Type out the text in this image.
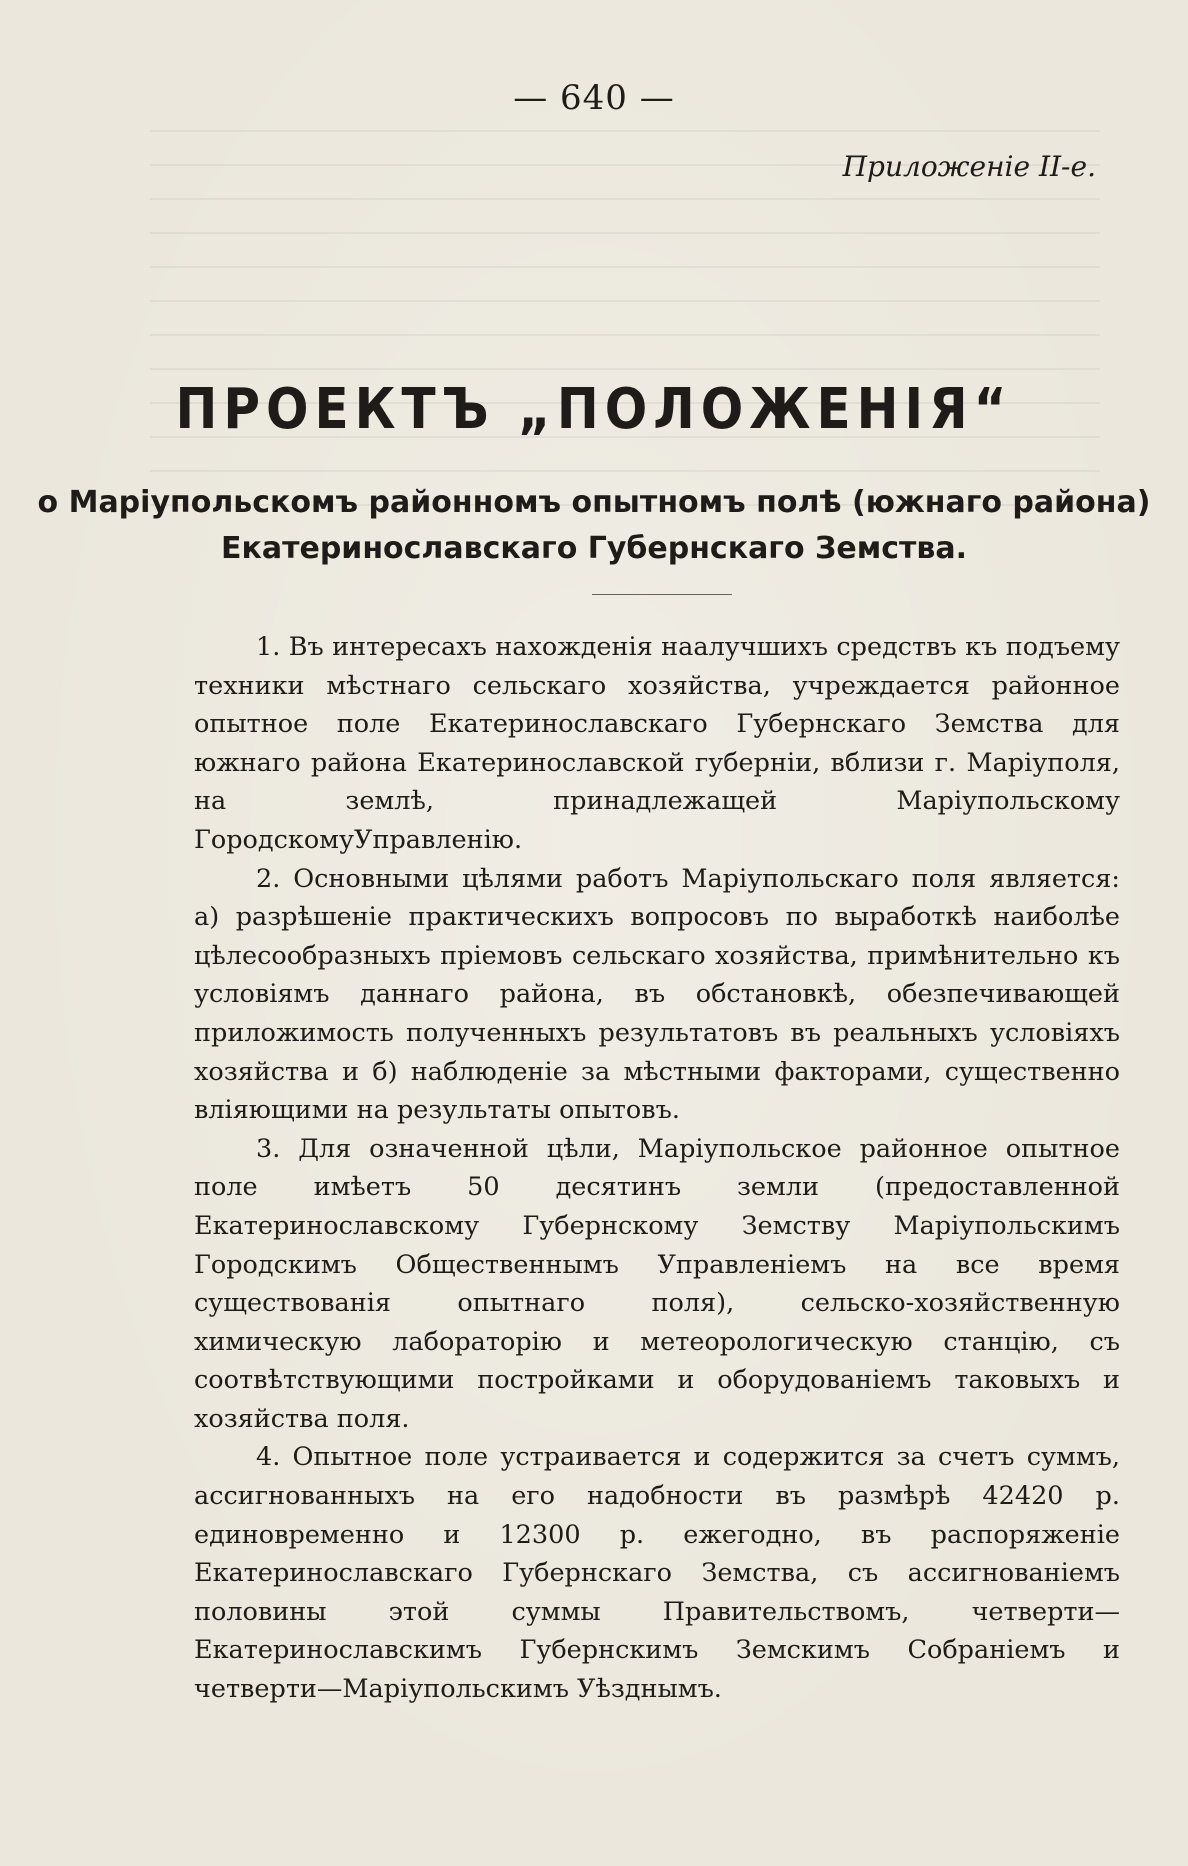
— 640 —
Приложеніе II-е.
ПРОЕКТЪ „ПОЛОЖЕНІЯ“
о Маріупольскомъ районномъ опытномъ полѣ (южнаго района)
Екатеринославскаго Губернскаго Земства.

1. Въ интересахъ нахожденія наалучшихъ средствъ къ подъему техники мѣстнаго сельскаго хозяйства, учреждается районное опытное поле Екатеринославскаго Губернскаго Земства для южнаго района Екатеринославской губерніи, вблизи г. Маріуполя, на землѣ, принадлежащей Маріупольскому ГородскомуУправленію.

2. Основными цѣлями работъ Маріупольскаго поля является: а) разрѣшеніе практическихъ вопросовъ по выработкѣ наиболѣе цѣлесообразныхъ пріемовъ сельскаго хозяйства, примѣнительно къ условіямъ даннаго района, въ обстановкѣ, обезпечивающей приложимость полученныхъ результатовъ въ реальныхъ условіяхъ хозяйства и б) наблюденіе за мѣстными факторами, существенно вліяющими на результаты опытовъ.

3. Для означенной цѣли, Маріупольское районное опытное поле имѣетъ 50 десятинъ земли (предоставленной Екатеринославскому Губернскому Земству Маріупольскимъ Городскимъ Общественнымъ Управленіемъ на все время существованія опытнаго поля), сельско-хозяйственную химическую лабораторію и метеорологическую станцію, съ соотвѣтствующими постройками и оборудованіемъ таковыхъ и хозяйства поля.

4. Опытное поле устраивается и содержится за счетъ суммъ, ассигнованныхъ на его надобности въ размѣрѣ 42420 р. единовременно и 12300 р. ежегодно, въ распоряженіе Екатеринославскаго Губернскаго Земства, съ ассигнованіемъ половины этой суммы Правительствомъ, четверти—Екатеринославскимъ Губернскимъ Земскимъ Собраніемъ и четверти—Маріупольскимъ Уѣзднымъ.
